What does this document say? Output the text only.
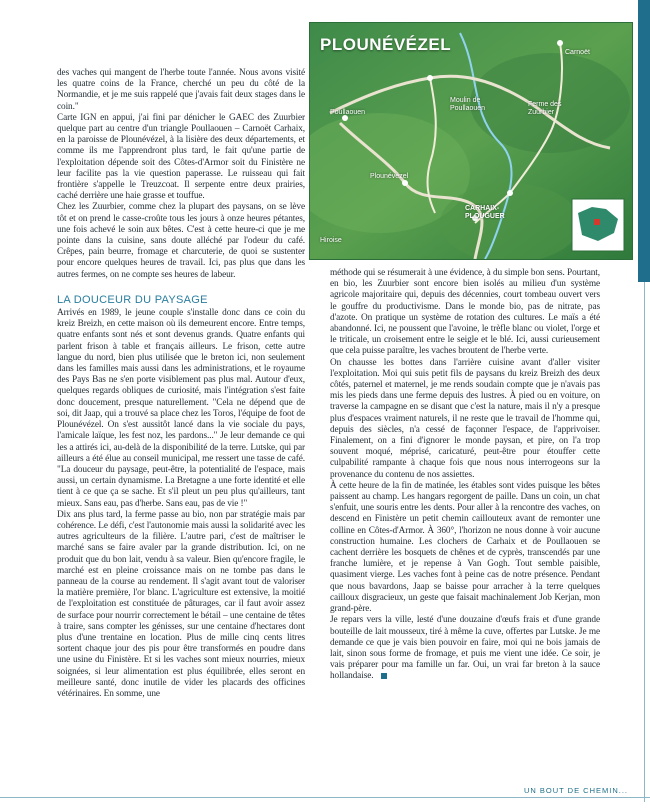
PLOUNÉVÉZEL	Carnoët
Ferme des Zuurbier
Poullaouen
Moulin de Poullaouen
Plounévézel
CARHAIX-PLOUGUER
Hiroise

des vaches qui mangent de l'herbe toute l'année. Nous avons visité les quatre coins de la France, cherché un peu du côté de la Normandie, et je me suis rappelé que j'avais fait deux stages dans le coin."

Carte IGN en appui, j'ai fini par dénicher le GAEC des Zuurbier quelque part au centre d'un triangle Poullaouen – Carnoët Carhaix, en la paroisse de Plounévézel, à la lisière des deux départements, et comme ils me l'apprendront plus tard, le fait qu'une partie de l'exploitation dépende soit des Côtes-d'Armor soit du Finistère ne leur facilite pas la vie question paperasse. Le ruisseau qui fait frontière s'appelle le Treuzcoat. Il serpente entre deux prairies, caché derrière une haie grasse et touffue.

Chez les Zuurbier, comme chez la plupart des paysans, on se lève tôt et on prend le casse-croûte tous les jours à onze heures pétantes, une fois achevé le soin aux bêtes. C'est à cette heure-ci que je me pointe dans la cuisine, sans doute alléché par l'odeur du café. Crêpes, pain beurre, fromage et charcuterie, de quoi se sustenter pour encore quelques heures de travail. Ici, pas plus que dans les autres fermes, on ne compte ses heures de labeur.

LA DOUCEUR DU PAYSAGE

Arrivés en 1989, le jeune couple s'installe donc dans ce coin du kreiz Breizh, en cette maison où ils demeurent encore. Entre temps, quatre enfants sont nés et sont devenus grands. Quatre enfants qui parlent frison à table et français ailleurs. Le frison, cette autre langue du nord, bien plus utilisée que le breton ici, non seulement dans les familles mais aussi dans les administrations, et le royaume des Pays Bas ne s'en porte visiblement pas plus mal. Autour d'eux, quelques regards obliques de curiosité, mais l'intégration s'est faite donc doucement, presque naturellement. "Cela ne dépend que de soi, dit Jaap, qui a trouvé sa place chez les Toros, l'équipe de foot de Plounévézel. On s'est aussitôt lancé dans la vie sociale du pays, l'amicale laïque, les fest noz, les pardons..." Je leur demande ce qui les a attirés ici, au-delà de la disponibilité de la terre. Lutske, qui par ailleurs a été élue au conseil municipal, me ressert une tasse de café. "La douceur du paysage, peut-être, la potentialité de l'espace, mais aussi, un certain dynamisme. La Bretagne a une forte identité et elle tient à ce que ça se sache. Et s'il pleut un peu plus qu'ailleurs, tant mieux. Sans eau, pas d'herbe. Sans eau, pas de vie !"

Dix ans plus tard, la ferme passe au bio, non par stratégie mais par cohérence. Le défi, c'est l'autonomie mais aussi la solidarité avec les autres agriculteurs de la filière. L'autre pari, c'est de maîtriser le marché sans se faire avaler par la grande distribution. Ici, on ne produit que du bon lait, vendu à sa valeur. Bien qu'encore fragile, le marché est en pleine croissance mais on ne tombe pas dans le panneau de la course au rendement. Il s'agit avant tout de valoriser la matière première, l'or blanc. L'agriculture est extensive, la moitié de l'exploitation est constituée de pâturages, car il faut avoir assez de surface pour nourrir correctement le bétail – une centaine de têtes à traire, sans compter les génisses, sur une centaine d'hectares dont plus d'une trentaine en location. Plus de mille cinq cents litres sortent chaque jour des pis pour être transformés en poudre dans une usine du Finistère. Et si les vaches sont mieux nourries, mieux soignées, si leur alimentation est plus équilibrée, elles seront en meilleure santé, donc inutile de vider les placards des officines vétérinaires. En somme, une

méthode qui se résumerait à une évidence, à du simple bon sens. Pourtant, en bio, les Zuurbier sont encore bien isolés au milieu d'un système agricole majoritaire qui, depuis des décennies, court tombeau ouvert vers le gouffre du productivisme. Dans le monde bio, pas de nitrate, pas d'azote. On pratique un système de rotation des cultures. Le maïs a été abandonné. Ici, ne poussent que l'avoine, le trèfle blanc ou violet, l'orge et le triticale, un croisement entre le seigle et le blé. Ici, aussi curieusement que cela puisse paraître, les vaches broutent de l'herbe verte.

On chausse les bottes dans l'arrière cuisine avant d'aller visiter l'exploitation. Moi qui suis petit fils de paysans du kreiz Breizh des deux côtés, paternel et maternel, je me rends soudain compte que je n'avais pas mis les pieds dans une ferme depuis des lustres. À pied ou en voiture, on traverse la campagne en se disant que c'est la nature, mais il n'y a presque plus d'espaces vraiment naturels, il ne reste que le travail de l'homme qui, depuis des siècles, n'a cessé de façonner l'espace, de l'apprivoiser. Finalement, on a fini d'ignorer le monde paysan, et pire, on l'a trop souvent moqué, méprisé, caricaturé, peut-être pour étouffer cette culpabilité rampante à chaque fois que nous nous interrogeons sur la provenance du contenu de nos assiettes.

À cette heure de la fin de matinée, les étables sont vides puisque les bêtes paissent au champ. Les hangars regorgent de paille. Dans un coin, un chat s'enfuit, une souris entre les dents. Pour aller à la rencontre des vaches, on descend en Finistère un petit chemin caillouteux avant de remonter une colline en Côtes-d'Armor. À 360°, l'horizon ne nous donne à voir aucune construction humaine. Les clochers de Carhaix et de Poullaouen se cachent derrière les bosquets de chênes et de cyprès, transcendés par une franche lumière, et je repense à Van Gogh. Tout semble paisible, quasiment vierge. Les vaches font à peine cas de notre présence. Pendant que nous bavardons, Jaap se baisse pour arracher à la terre quelques cailloux disgracieux, un geste que faisait machinalement Job Kerjan, mon grand-père.

Je repars vers la ville, lesté d'une douzaine d'œufs frais et d'une grande bouteille de lait mousseux, tiré à même la cuve, offertes par Lutske. Je me demande ce que je vais bien pouvoir en faire, moi qui ne bois jamais de lait, sinon sous forme de fromage, et puis me vient une idée. Ce soir, je vais préparer pour ma famille un far. Oui, un vrai far breton à la sauce hollandaise.

UN BOUT DE CHEMIN...
